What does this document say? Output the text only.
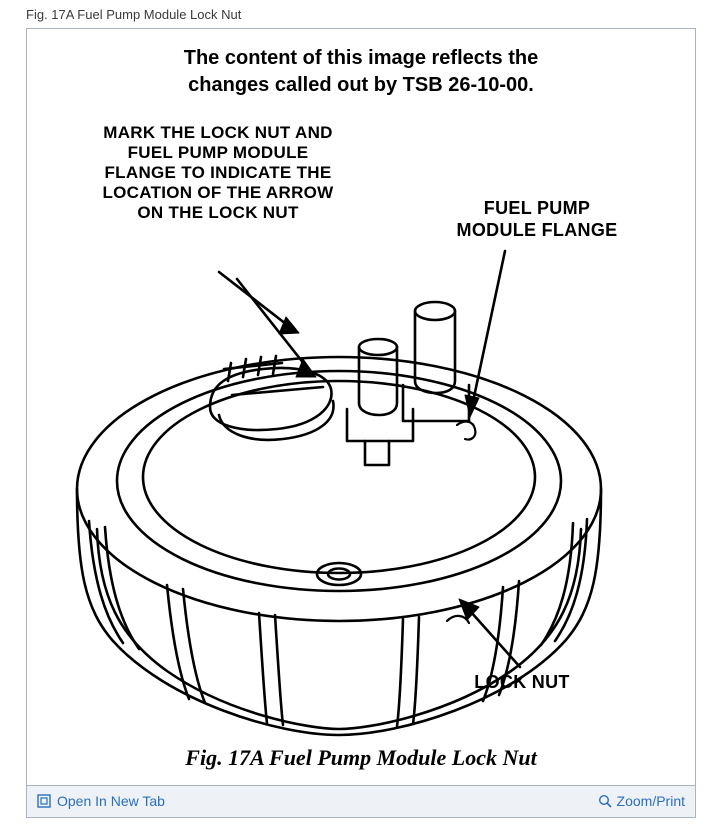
Fig. 17A Fuel Pump Module Lock Nut
The content of this image reflects the
changes called out by TSB 26-10-00.
MARK THE LOCK NUT AND
FUEL PUMP MODULE
FLANGE TO INDICATE THE
LOCATION OF THE ARROW
ON THE LOCK NUT	FUEL PUMP
MODULE FLANGE
LOCK NUT
Fig. 17A Fuel Pump Module Lock Nut
Open In New Tab	Zoom/Print
